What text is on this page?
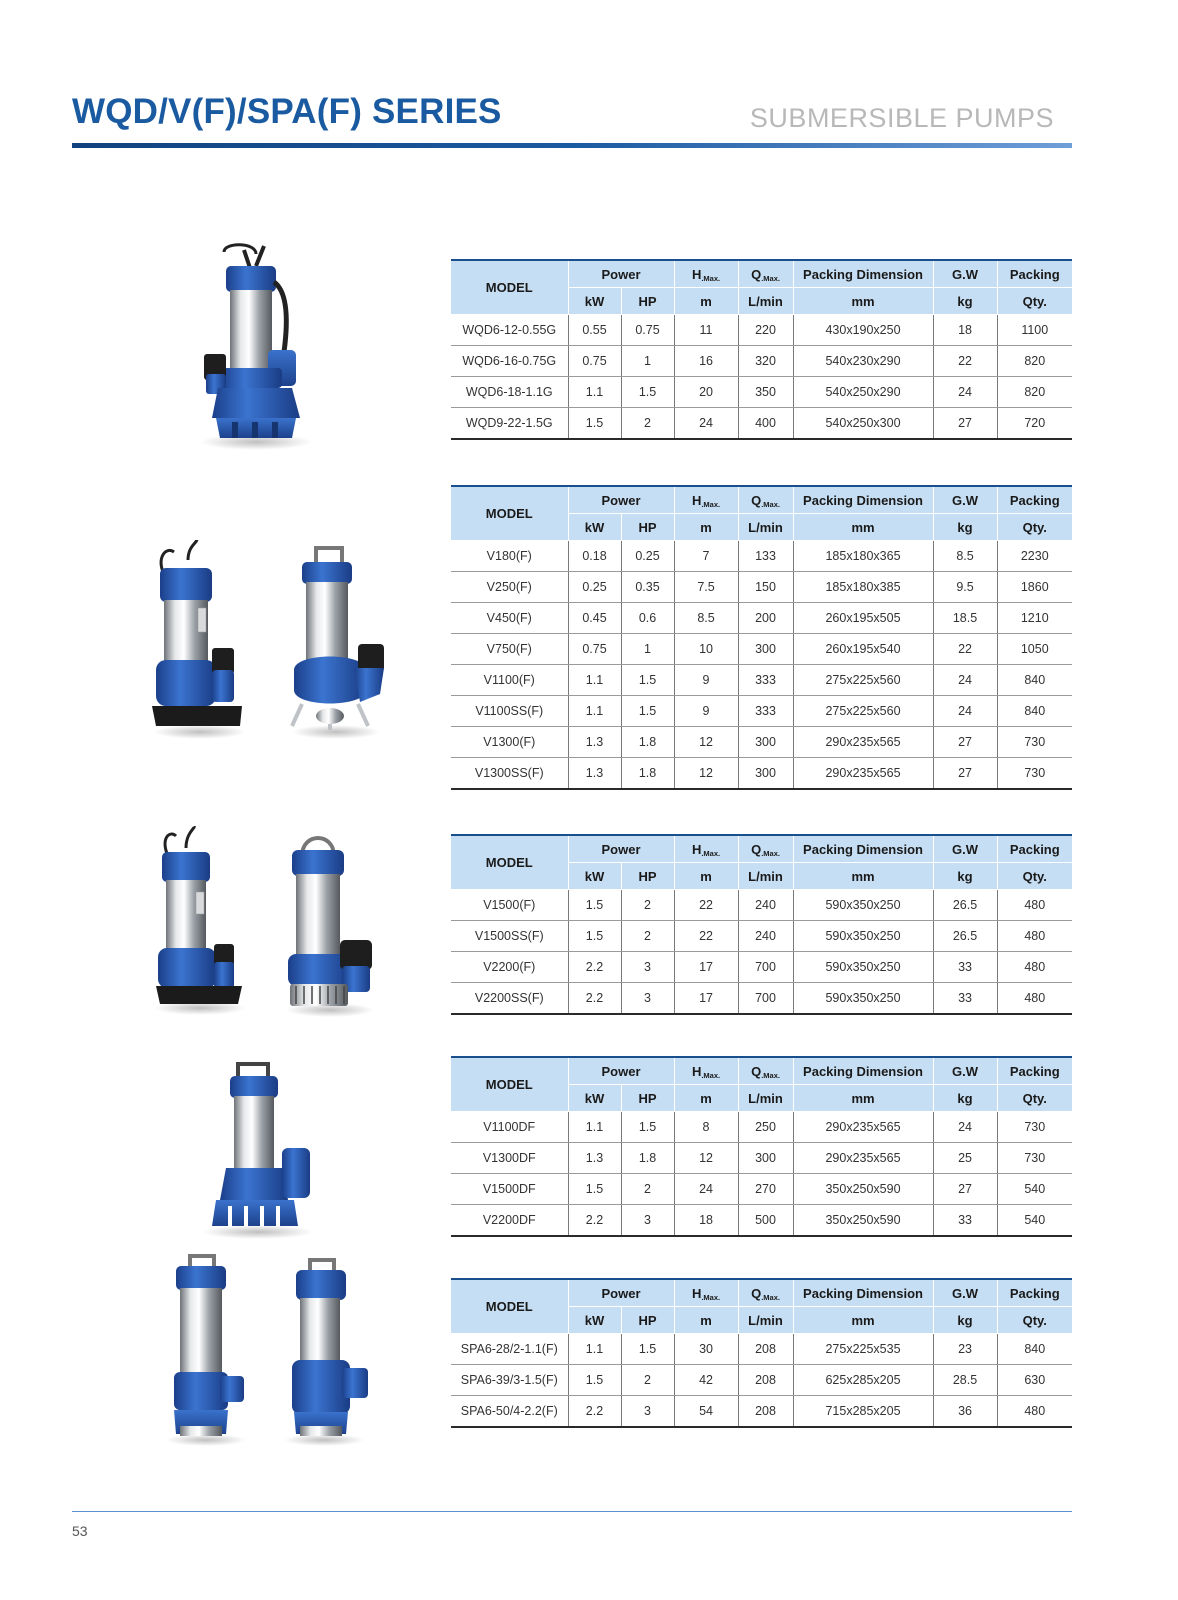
WQD/V(F)/SPA(F) SERIES	SUBMERSIBLE PUMPS
MODEL	Power		$H_{.Max.}$	$Q_{.Max.}$	Packing Dimension	G.W	Packing
	kW	HP	m	L/min	mm	kg	Qty.
WQD6-12-0.55G	0.55	0.75	11	220	430x190x250	18	1100
WQD6-16-0.75G	0.75	1	16	320	540x230x290	22	820
WQD6-18-1.1G	1.1	1.5	20	350	540x250x290	24	820
WQD9-22-1.5G	1.5	2	24	400	540x250x300	27	720
MODEL	Power		$H_{.Max.}$	$Q_{.Max.}$	Packing Dimension	G.W	Packing
	kW	HP	m	L/min	mm	kg	Qty.
V180(F)	0.18	0.25	7	133	185x180x365	8.5	2230
V250(F)	0.25	0.35	7.5	150	185x180x385	9.5	1860
V450(F)	0.45	0.6	8.5	200	260x195x505	18.5	1210
V750(F)	0.75	1	10	300	260x195x540	22	1050
V1100(F)	1.1	1.5	9	333	275x225x560	24	840
V1100SS(F)	1.1	1.5	9	333	275x225x560	24	840
V1300(F)	1.3	1.8	12	300	290x235x565	27	730
V1300SS(F)	1.3	1.8	12	300	290x235x565	27	730
MODEL	Power		$H_{.Max.}$	$Q_{.Max.}$	Packing Dimension	G.W	Packing
	kW	HP	m	L/min	mm	kg	Qty.
V1500(F)	1.5	2	22	240	590x350x250	26.5	480
V1500SS(F)	1.5	2	22	240	590x350x250	26.5	480
V2200(F)	2.2	3	17	700	590x350x250	33	480
V2200SS(F)	2.2	3	17	700	590x350x250	33	480
MODEL	Power		$H_{.Max.}$	$Q_{.Max.}$	Packing Dimension	G.W	Packing
	kW	HP	m	L/min	mm	kg	Qty.
V1100DF	1.1	1.5	8	250	290x235x565	24	730
V1300DF	1.3	1.8	12	300	290x235x565	25	730
V1500DF	1.5	2	24	270	350x250x590	27	540
V2200DF	2.2	3	18	500	350x250x590	33	540
MODEL	Power		$H_{.Max.}$	$Q_{.Max.}$	Packing Dimension	G.W	Packing
	kW	HP	m	L/min	mm	kg	Qty.
SPA6-28/2-1.1(F)	1.1	1.5	30	208	275x225x535	23	840
SPA6-39/3-1.5(F)	1.5	2	42	208	625x285x205	28.5	630
SPA6-50/4-2.2(F)	2.2	3	54	208	715x285x205	36	480
53
